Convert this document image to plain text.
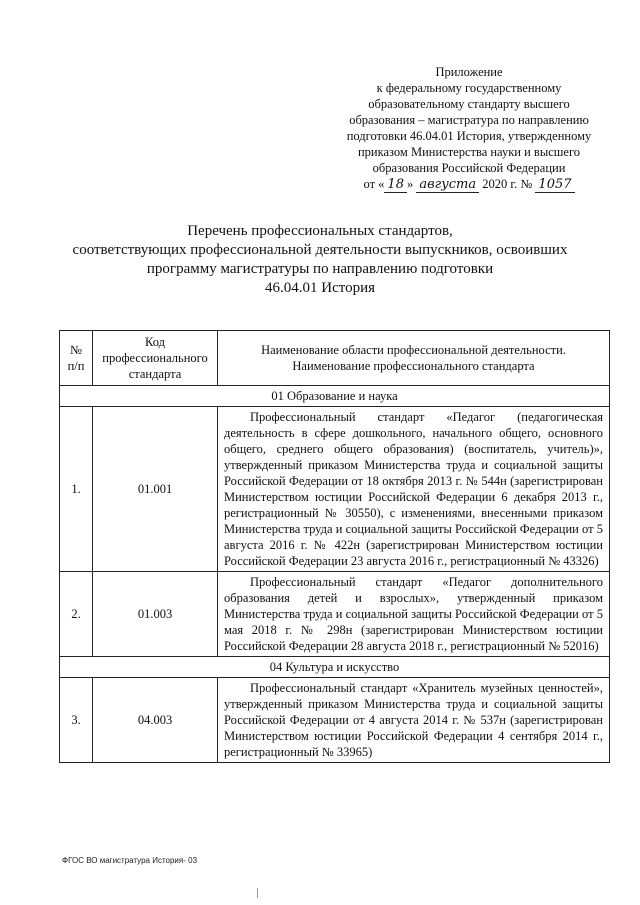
Приложение
к федеральному государственному
образовательному стандарту высшего
образования – магистратура по направлению
подготовки 46.04.01 История, утвержденному
приказом Министерства науки и высшего
образования Российской Федерации
от « 18 » августа 2020 г. № 1057
Перечень профессиональных стандартов,
соответствующих профессиональной деятельности выпускников, освоивших
программу магистратуры по направлению подготовки
46.04.01 История
№ п/п	Код профессионального стандарта	Наименование области профессиональной деятельности. Наименование профессионального стандарта
01 Образование и наука		
1.	01.001	Профессиональный стандарт «Педагог (педагогическая деятельность в сфере дошкольного, начального общего, основного общего, среднего общего образования) (воспитатель, учитель)», утвержденный приказом Министерства труда и социальной защиты Российской Федерации от 18 октября 2013 г. № 544н (зарегистрирован Министерством юстиции Российской Федерации 6 декабря 2013 г., регистрационный № 30550), с изменениями, внесенными приказом Министерства труда и социальной защиты Российской Федерации от 5 августа 2016 г. № 422н (зарегистрирован Министерством юстиции Российской Федерации 23 августа 2016 г., регистрационный № 43326)
2.	01.003	Профессиональный стандарт «Педагог дополнительного образования детей и взрослых», утвержденный приказом Министерства труда и социальной защиты Российской Федерации от 5 мая 2018 г. № 298н (зарегистрирован Министерством юстиции Российской Федерации 28 августа 2018 г., регистрационный № 52016)
04 Культура и искусство		
3.	04.003	Профессиональный стандарт «Хранитель музейных ценностей», утвержденный приказом Министерства труда и социальной защиты Российской Федерации от 4 августа 2014 г. № 537н (зарегистрирован Министерством юстиции Российской Федерации 4 сентября 2014 г., регистрационный № 33965)
ФГОС ВО магистратура История- 03
